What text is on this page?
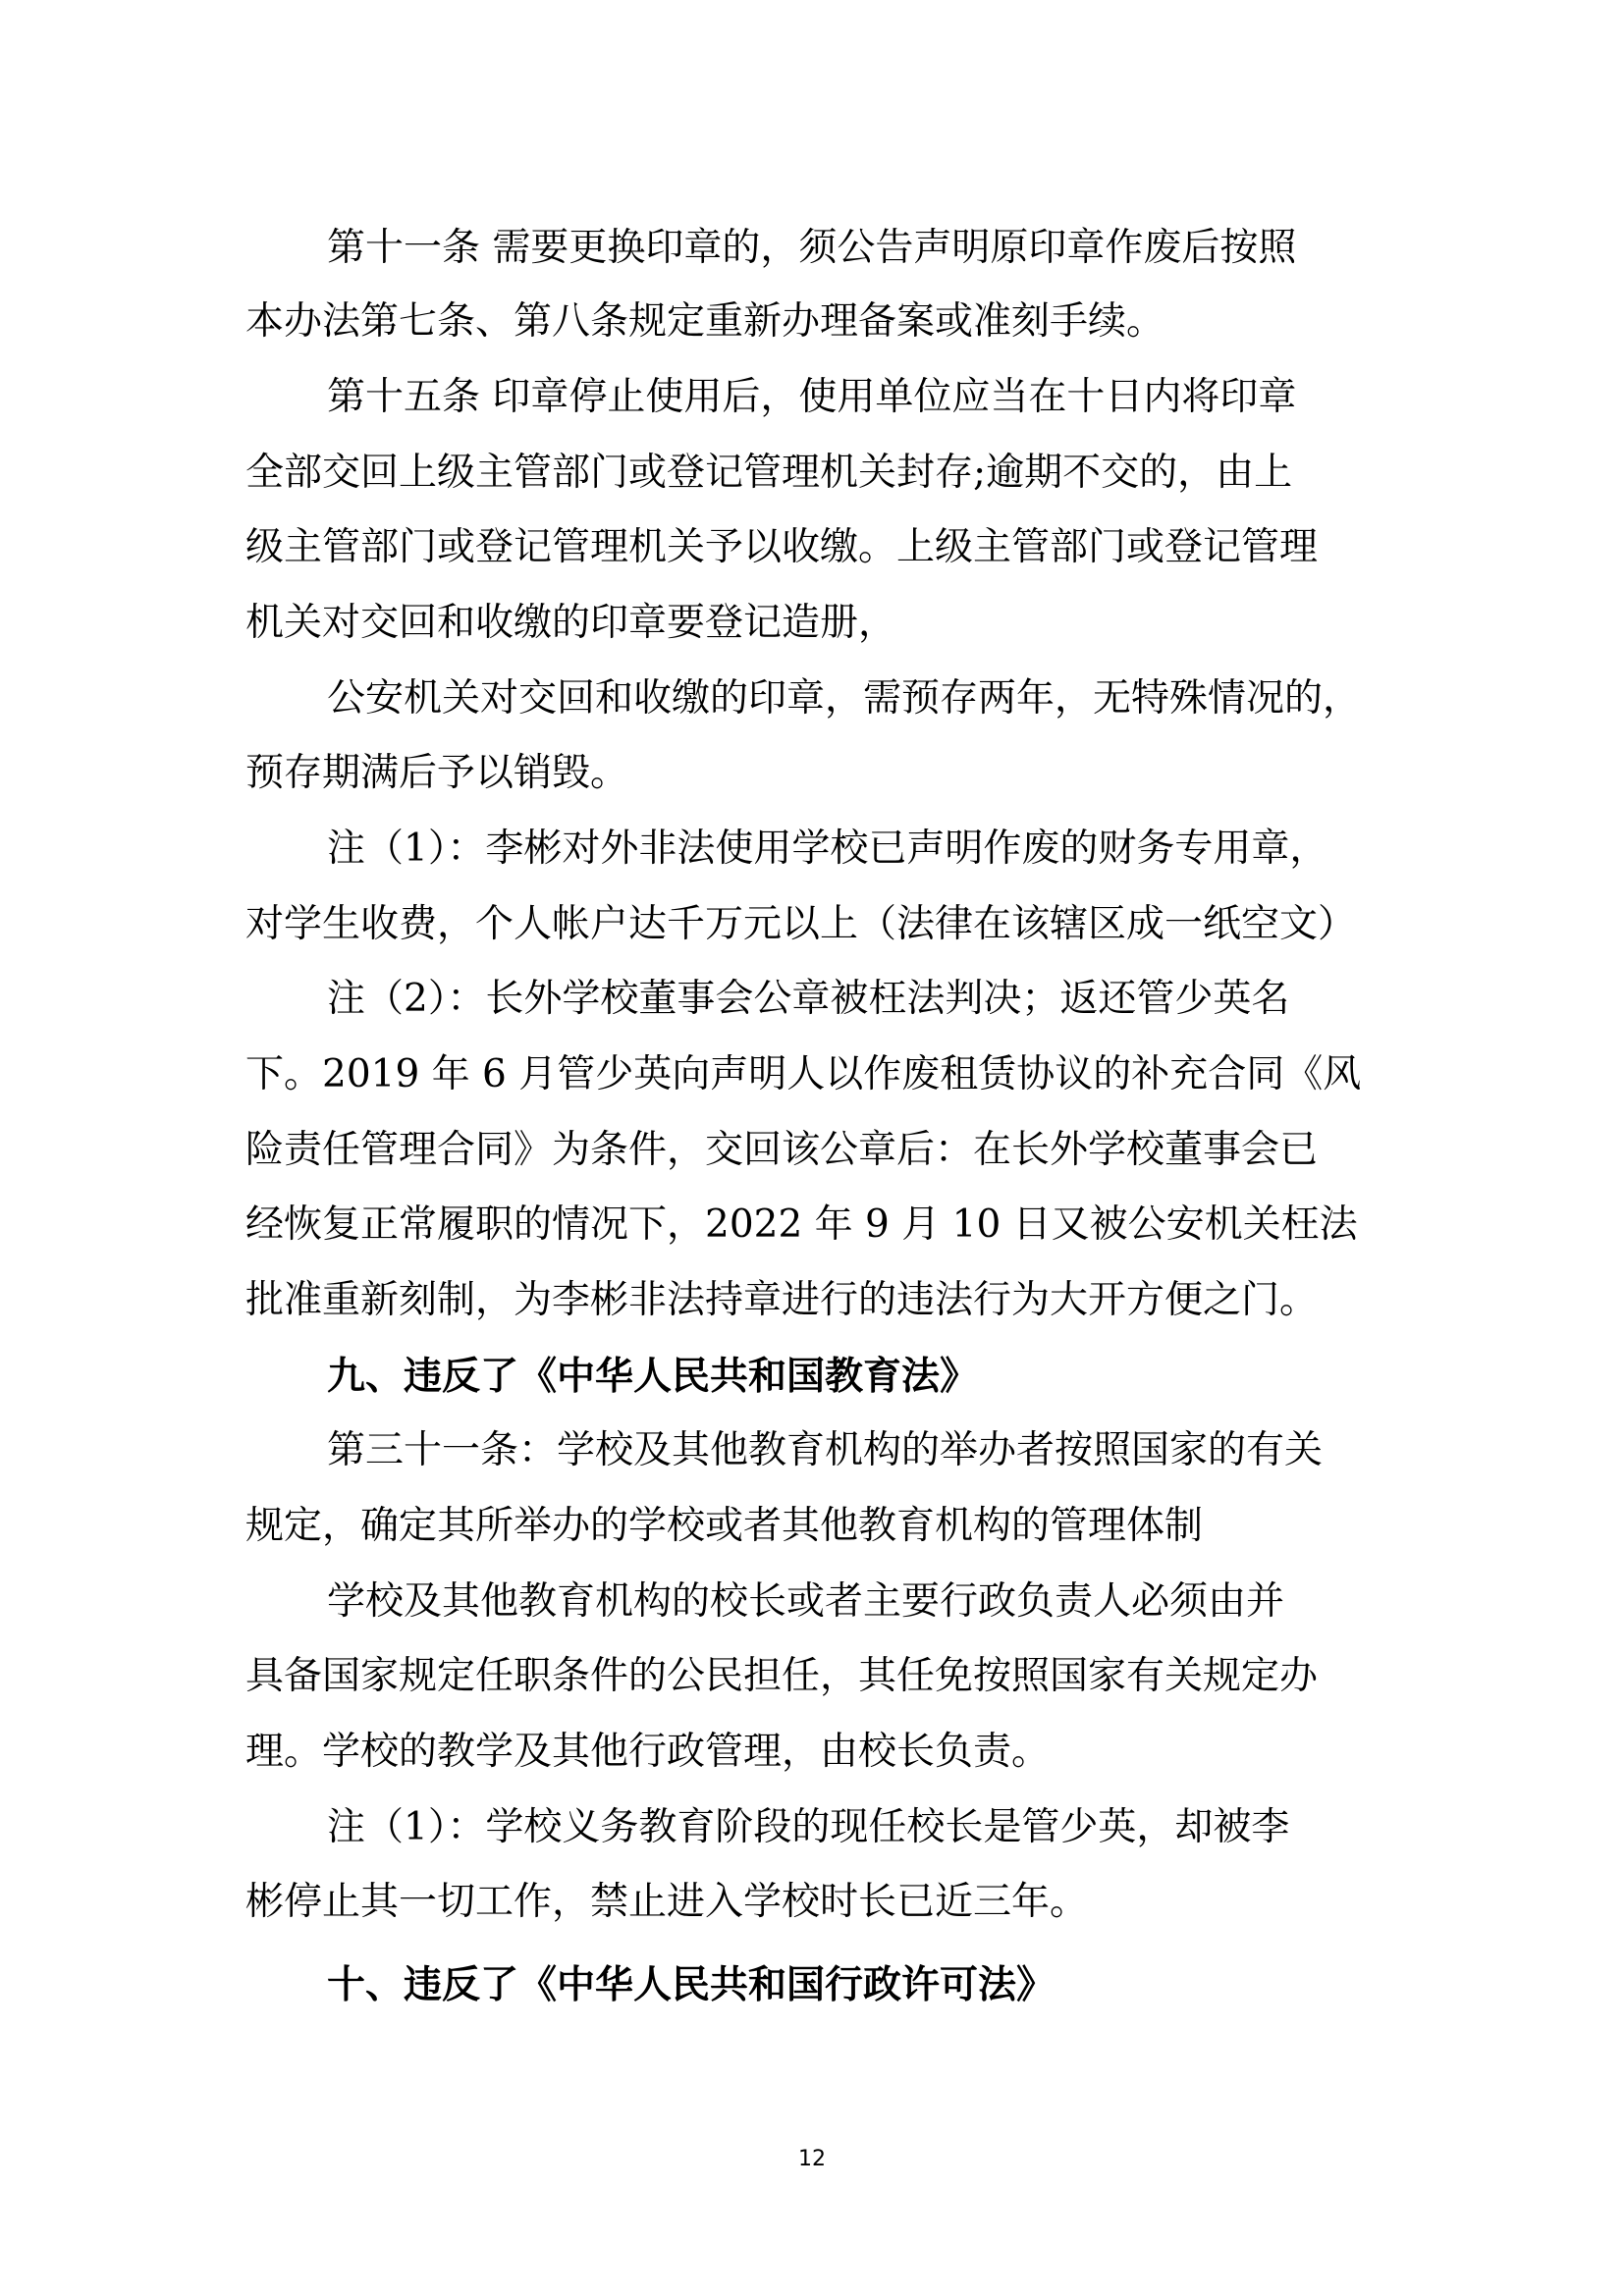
第十一条 需要更换印章的，须公告声明原印章作废后按照
本办法第七条、第八条规定重新办理备案或准刻手续。
第十五条 印章停止使用后，使用单位应当在十日内将印章
全部交回上级主管部门或登记管理机关封存;逾期不交的，由上
级主管部门或登记管理机关予以收缴。上级主管部门或登记管理
机关对交回和收缴的印章要登记造册，
公安机关对交回和收缴的印章，需预存两年，无特殊情况的，
预存期满后予以销毁。
注（1）：李彬对外非法使用学校已声明作废的财务专用章，
对学生收费，个人帐户达千万元以上（法律在该辖区成一纸空文）
注（2）：长外学校董事会公章被枉法判决；返还管少英名
下。2019 年 6 月管少英向声明人以作废租赁协议的补充合同《风
险责任管理合同》为条件，交回该公章后：在长外学校董事会已
经恢复正常履职的情况下，2022 年 9 月 10 日又被公安机关枉法
批准重新刻制，为李彬非法持章进行的违法行为大开方便之门。
九、违反了《中华人民共和国教育法》
第三十一条：学校及其他教育机构的举办者按照国家的有关
规定，确定其所举办的学校或者其他教育机构的管理体制
学校及其他教育机构的校长或者主要行政负责人必须由并
具备国家规定任职条件的公民担任，其任免按照国家有关规定办
理。学校的教学及其他行政管理，由校长负责。
注（1）：学校义务教育阶段的现任校长是管少英，却被李
彬停止其一切工作，禁止进入学校时长已近三年。
十、违反了《中华人民共和国行政许可法》
12
